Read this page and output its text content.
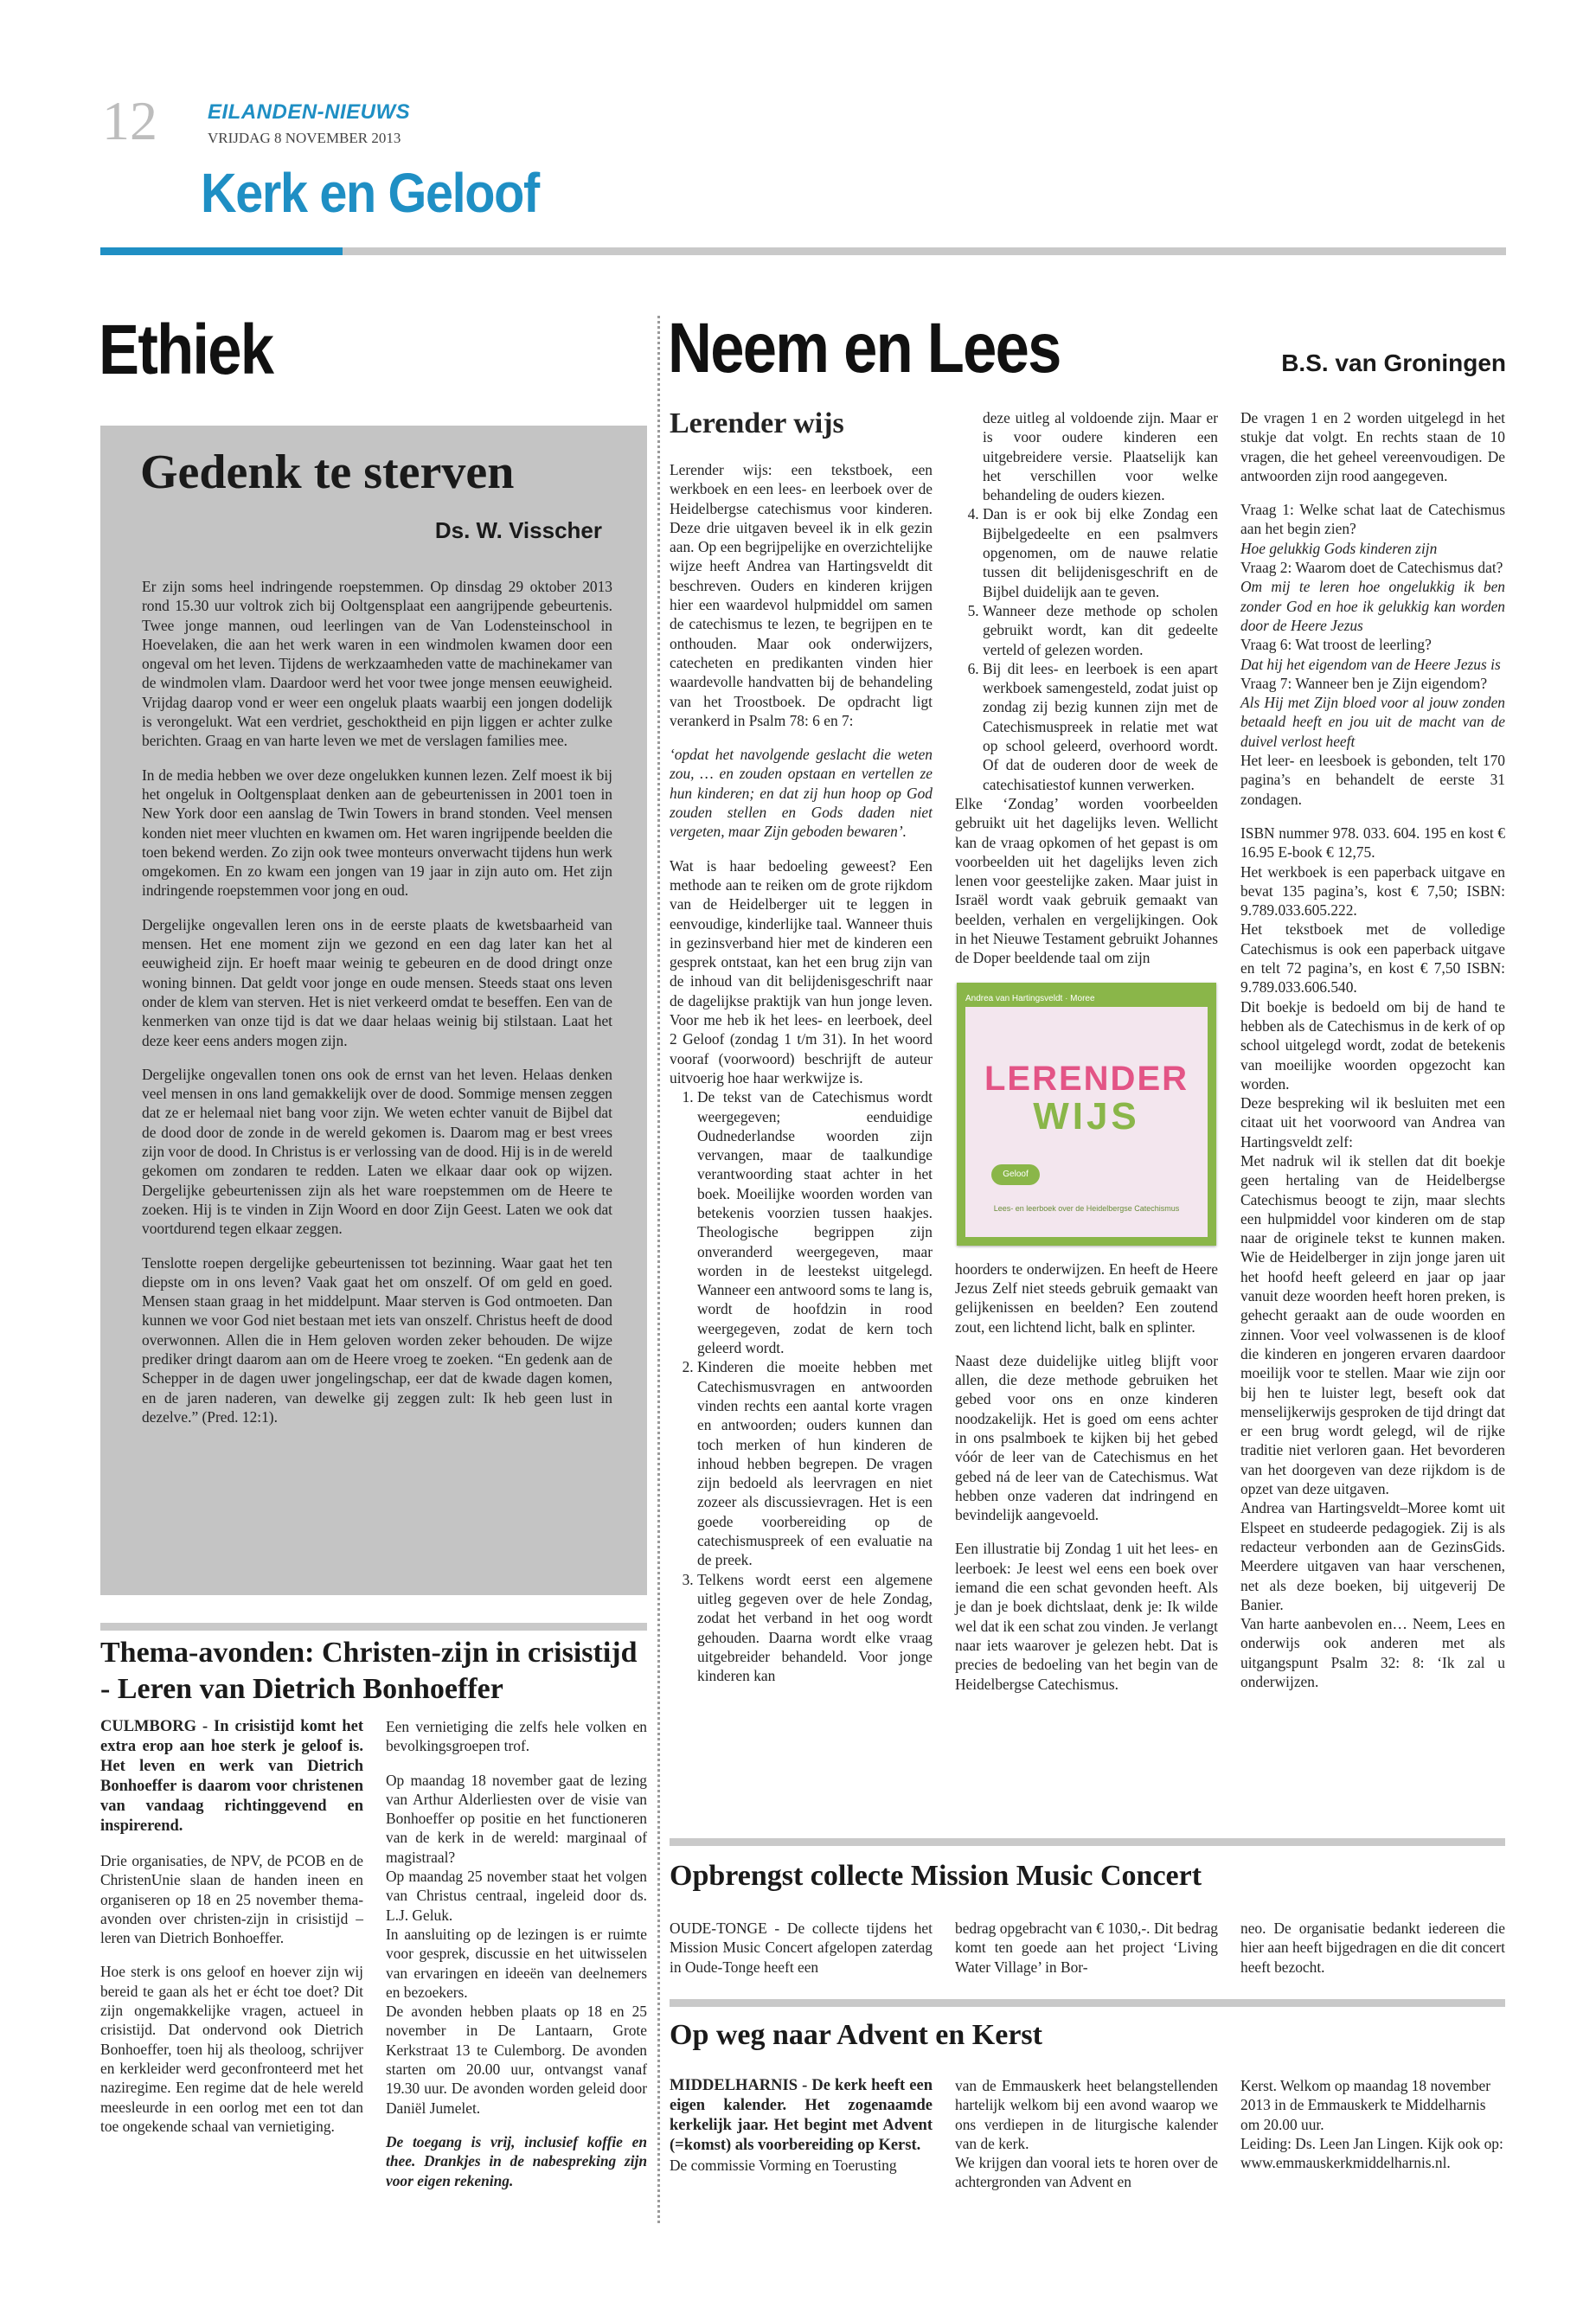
12 EILANDEN-NIEUWS
VRIJDAG 8 NOVEMBER 2013
Kerk en Geloof
Ethiek
Gedenk te sterven
Ds. W. Visscher

Er zijn soms heel indringende roepstemmen. Op dinsdag 29 oktober 2013 rond 15.30 uur voltrok zich bij Ooltgensplaat een aangrijpende gebeurtenis. Twee jonge mannen, oud leerlingen van de Van Lodensteinschool in Hoevelaken, die aan het werk waren in een windmolen kwamen door een ongeval om het leven. Tijdens de werkzaamheden vatte de machinekamer van de windmolen vlam. Daardoor werd het voor twee jonge mensen eeuwigheid. Vrijdag daarop vond er weer een ongeluk plaats waarbij een jongen dodelijk is verongelukt. Wat een verdriet, geschoktheid en pijn liggen er achter zulke berichten. Graag en van harte leven we met de verslagen families mee.

In de media hebben we over deze ongelukken kunnen lezen. Zelf moest ik bij het ongeluk in Ooltgensplaat denken aan de gebeurtenissen in 2001 toen in New York door een aanslag de Twin Towers in brand stonden. Veel mensen konden niet meer vluchten en kwamen om. Het waren ingrijpende beelden die toen bekend werden. Zo zijn ook twee monteurs onverwacht tijdens hun werk omgekomen. En zo kwam een jongen van 19 jaar in zijn auto om. Het zijn indringende roepstemmen voor jong en oud.

Dergelijke ongevallen leren ons in de eerste plaats de kwetsbaarheid van mensen. Het ene moment zijn we gezond en een dag later kan het al eeuwigheid zijn. Er hoeft maar weinig te gebeuren en de dood dringt onze woning binnen. Dat geldt voor jonge en oude mensen. Steeds staat ons leven onder de klem van sterven. Het is niet verkeerd omdat te beseffen. Een van de kenmerken van onze tijd is dat we daar helaas weinig bij stilstaan. Laat het deze keer eens anders mogen zijn.

Dergelijke ongevallen tonen ons ook de ernst van het leven. Helaas denken veel mensen in ons land gemakkelijk over de dood. Sommige mensen zeggen dat ze er helemaal niet bang voor zijn. We weten echter vanuit de Bijbel dat de dood door de zonde in de wereld gekomen is. Daarom mag er best vrees zijn voor de dood. In Christus is er verlossing van de dood. Hij is in de wereld gekomen om zondaren te redden. Laten we elkaar daar ook op wijzen. Dergelijke gebeurtenissen zijn als het ware roepstemmen om de Heere te zoeken. Hij is te vinden in Zijn Woord en door Zijn Geest. Laten we ook dat voortdurend tegen elkaar zeggen.

Tenslotte roepen dergelijke gebeurtenissen tot bezinning. Waar gaat het ten diepste om in ons leven? Vaak gaat het om onszelf. Of om geld en goed. Mensen staan graag in het middelpunt. Maar sterven is God ontmoeten. Dan kunnen we voor God niet bestaan met iets van onszelf. Christus heeft de dood overwonnen. Allen die in Hem geloven worden zeker behouden. De wijze prediker dringt daarom aan om de Heere vroeg te zoeken. “En gedenk aan de Schepper in de dagen uwer jongelingschap, eer dat de kwade dagen komen, en de jaren naderen, van dewelke gij zeggen zult: Ik heb geen lust in dezelve.” (Pred. 12:1).

Thema-avonden: Christen-zijn in crisistijd - Leren van Dietrich Bonhoeffer

CULMBORG - In crisistijd komt het extra erop aan hoe sterk je geloof is. Het leven en werk van Dietrich Bonhoeffer is daarom voor christenen van vandaag richtinggevend en inspirerend.

Drie organisaties, de NPV, de PCOB en de ChristenUnie slaan de handen ineen en organiseren op 18 en 25 november thema-avonden over christen-zijn in crisistijd – leren van Dietrich Bonhoeffer.

Hoe sterk is ons geloof en hoever zijn wij bereid te gaan als het er écht toe doet? Dit zijn ongemakkelijke vragen, actueel in crisistijd. Dat ondervond ook Dietrich Bonhoeffer, toen hij als theoloog, schrijver en kerkleider werd geconfronteerd met het naziregime. Een regime dat de hele wereld meesleurde in een oorlog met een tot dan toe ongekende schaal van vernietiging.

Een vernietiging die zelfs hele volken en bevolkingsgroepen trof.

Op maandag 18 november gaat de lezing van Arthur Alderliesten over de visie van Bonhoeffer op positie en het functioneren van de kerk in de wereld: marginaal of magistraal?

Op maandag 25 november staat het volgen van Christus centraal, ingeleid door ds. L.J. Geluk.

In aansluiting op de lezingen is er ruimte voor gesprek, discussie en het uitwisselen van ervaringen en ideeën van deelnemers en bezoekers.

De avonden hebben plaats op 18 en 25 november in De Lantaarn, Grote Kerkstraat 13 te Culemborg. De avonden starten om 20.00 uur, ontvangst vanaf 19.30 uur. De avonden worden geleid door Daniël Jumelet.

De toegang is vrij, inclusief koffie en thee. Drankjes in de nabespreking zijn voor eigen rekening.

Neem en Lees	B.S. van Groningen
Lerender wijs

Lerender wijs: een tekstboek, een werkboek en een lees- en leerboek over de Heidelbergse catechismus voor kinderen. Deze drie uitgaven beveel ik in elk gezin aan. Op een begrijpelijke en overzichtelijke wijze heeft Andrea van Hartingsveldt dit beschreven. Ouders en kinderen krijgen hier een waardevol hulpmiddel om samen de catechismus te lezen, te begrijpen en te onthouden. Maar ook onderwijzers, catecheten en predikanten vinden hier waardevolle handvatten bij de behandeling van het Troostboek. De opdracht ligt verankerd in Psalm 78: 6 en 7:

‘opdat het navolgende geslacht die weten zou, … en zouden opstaan en vertellen ze hun kinderen; en dat zij hun hoop op God zouden stellen en Gods daden niet vergeten, maar Zijn geboden bewaren’.

Wat is haar bedoeling geweest? Een methode aan te reiken om de grote rijkdom van de Heidelberger uit te leggen in eenvoudige, kinderlijke taal. Wanneer thuis in gezinsverband hier met de kinderen een gesprek ontstaat, kan het een brug zijn van de inhoud van dit belijdenisgeschrift naar de dagelijkse praktijk van hun jonge leven. Voor me heb ik het lees- en leerboek, deel 2 Geloof (zondag 1 t/m 31). In het woord vooraf (voorwoord) beschrijft de auteur uitvoerig hoe haar werkwijze is.

1. De tekst van de Catechismus wordt weergegeven; eenduidige Oudnederlandse woorden zijn vervangen, maar de taalkundige verantwoording staat achter in het boek. Moeilijke woorden worden van betekenis voorzien tussen haakjes. Theologische begrippen zijn onveranderd weergegeven, maar worden in de leestekst uitgelegd. Wanneer een antwoord soms te lang is, wordt de hoofdzin in rood weergegeven, zodat de kern toch geleerd wordt.
2. Kinderen die moeite hebben met Catechismusvragen en antwoorden vinden rechts een aantal korte vragen en antwoorden; ouders kunnen dan toch merken of hun kinderen de inhoud hebben begrepen. De vragen zijn bedoeld als leervragen en niet zozeer als discussievragen. Het is een goede voorbereiding op de catechismuspreek of een evaluatie na de preek.
3. Telkens wordt eerst een algemene uitleg gegeven over de hele Zondag, zodat het verband in het oog wordt gehouden. Daarna wordt elke vraag uitgebreider behandeld. Voor jonge kinderen kan

deze uitleg al voldoende zijn. Maar er is voor oudere kinderen een uitgebreidere versie. Plaatselijk kan het verschillen voor welke behandeling de ouders kiezen.

4. Dan is er ook bij elke Zondag een Bijbelgedeelte en een psalmvers opgenomen, om de nauwe relatie tussen dit belijdenisgeschrift en de Bijbel duidelijk aan te geven.
5. Wanneer deze methode op scholen gebruikt wordt, kan dit gedeelte verteld of gelezen worden.
6. Bij dit lees- en leerboek is een apart werkboek samengesteld, zodat juist op zondag zij bezig kunnen zijn met de Catechismuspreek in relatie met wat op school geleerd, overhoord wordt. Of dat de ouderen door de week de catechisatiestof kunnen verwerken.

Elke ‘Zondag’ worden voorbeelden gebruikt uit het dagelijks leven. Wellicht kan de vraag opkomen of het gepast is om voorbeelden uit het dagelijks leven zich lenen voor geestelijke zaken. Maar juist in Israël wordt vaak gebruik gemaakt van beelden, verhalen en vergelijkingen. Ook in het Nieuwe Testament gebruikt Johannes de Doper beeldende taal om zijn

Andrea van Hartingsveldt · Moree
LERENDER
WIJS
Geloof
Lees- en leerboek over de Heidelbergse Catechismus

hoorders te onderwijzen. En heeft de Heere Jezus Zelf niet steeds gebruik gemaakt van gelijkenissen en beelden? Een zoutend zout, een lichtend licht, balk en splinter.

Naast deze duidelijke uitleg blijft voor allen, die deze methode gebruiken het gebed voor ons en onze kinderen noodzakelijk. Het is goed om eens achter in ons psalmboek te kijken bij het gebed vóór de leer van de Catechismus en het gebed ná de leer van de Catechismus. Wat hebben onze vaderen dat indringend en bevindelijk aangevoeld.

Een illustratie bij Zondag 1 uit het lees- en leerboek: Je leest wel eens een boek over iemand die een schat gevonden heeft. Als je dan je boek dichtslaat, denk je: Ik wilde wel dat ik een schat zou vinden. Je verlangt naar iets waarover je gelezen hebt. Dat is precies de bedoeling van het begin van de Heidelbergse Catechismus.

De vragen 1 en 2 worden uitgelegd in het stukje dat volgt. En rechts staan de 10 vragen, die het geheel vereenvoudigen. De antwoorden zijn rood aangegeven.

Vraag 1: Welke schat laat de Catechismus aan het begin zien?
Hoe gelukkig Gods kinderen zijn
Vraag 2: Waarom doet de Catechismus dat?
Om mij te leren hoe ongelukkig ik ben zonder God en hoe ik gelukkig kan worden door de Heere Jezus
Vraag 6: Wat troost de leerling?
Dat hij het eigendom van de Heere Jezus is
Vraag 7: Wanneer ben je Zijn eigendom?
Als Hij met Zijn bloed voor al jouw zonden betaald heeft en jou uit de macht van de duivel verlost heeft

Het leer- en leesboek is gebonden, telt 170 pagina’s en behandelt de eerste 31 zondagen.

ISBN nummer 978. 033. 604. 195 en kost € 16.95 E-book € 12,75.

Het werkboek is een paperback uitgave en bevat 135 pagina’s, kost € 7,50; ISBN: 9.789.033.605.222.

Het tekstboek met de volledige Catechismus is ook een paperback uitgave en telt 72 pagina’s, en kost € 7,50 ISBN: 9.789.033.606.540.

Dit boekje is bedoeld om bij de hand te hebben als de Catechismus in de kerk of op school uitgelegd wordt, zodat de betekenis van moeilijke woorden opgezocht kan worden.

Deze bespreking wil ik besluiten met een citaat uit het voorwoord van Andrea van Hartingsveldt zelf:

Met nadruk wil ik stellen dat dit boekje geen hertaling van de Heidelbergse Catechismus beoogt te zijn, maar slechts een hulpmiddel voor kinderen om de stap naar de originele tekst te kunnen maken. Wie de Heidelberger in zijn jonge jaren uit het hoofd heeft geleerd en jaar op jaar vanuit deze woorden heeft horen preken, is gehecht geraakt aan de oude woorden en zinnen. Voor veel volwassenen is de kloof die kinderen en jongeren ervaren daardoor moeilijk voor te stellen. Maar wie zijn oor bij hen te luister legt, beseft ook dat menselijkerwijs gesproken de tijd dringt dat er een brug wordt gelegd, wil de rijke traditie niet verloren gaan. Het bevorderen van het doorgeven van deze rijkdom is de opzet van deze uitgaven.

Andrea van Hartingsveldt–Moree komt uit Elspeet en studeerde pedagogiek. Zij is als redacteur verbonden aan de GezinsGids. Meerdere uitgaven van haar verschenen, net als deze boeken, bij uitgeverij De Banier.

Van harte aanbevolen en… Neem, Lees en onderwijs ook anderen met als uitgangspunt Psalm 32: 8: ‘Ik zal u onderwijzen.

Opbrengst collecte Mission Music Concert
OUDE-TONGE - De collecte tijdens het Mission Music Concert afgelopen zaterdag in Oude-Tonge heeft een
bedrag opgebracht van € 1030,-. Dit bedrag komt ten goede aan het project ‘Living Water Village’ in Bor-
neo. De organisatie bedankt iedereen die hier aan heeft bijgedragen en die dit concert heeft bezocht.
Op weg naar Advent en Kerst
MIDDELHARNIS - De kerk heeft een eigen kalender. Het zogenaamde kerkelijk jaar. Het begint met Advent (=komst) als voorbereiding op Kerst.
De commissie Vorming en Toerusting
van de Emmauskerk heet belangstellenden hartelijk welkom bij een avond waarop we ons verdiepen in de liturgische kalender van de kerk.
We krijgen dan vooral iets te horen over de achtergronden van Advent en
Kerst. Welkom op maandag 18 november 2013 in de Emmauskerk te Middelharnis om 20.00 uur.
Leiding: Ds. Leen Jan Lingen. Kijk ook op:
www.emmauskerkmiddelharnis.nl.
